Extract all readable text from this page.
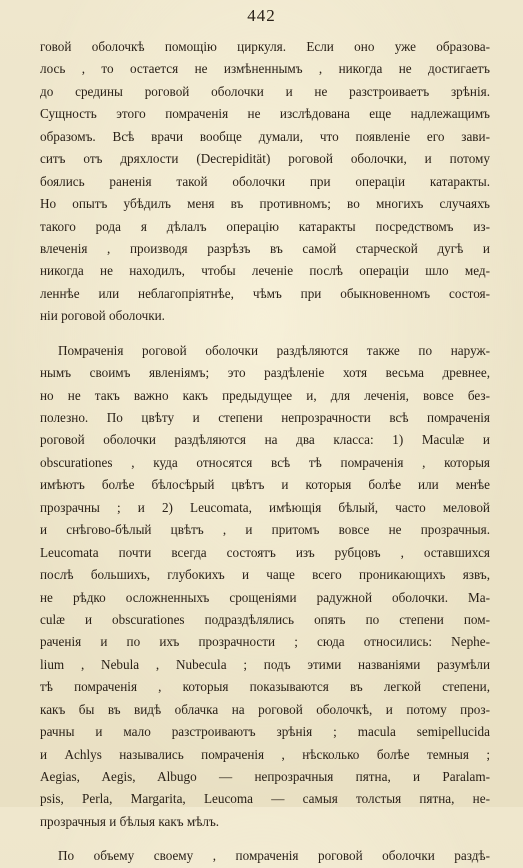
442
говой оболочкѣ помощію циркуля. Если оно уже образова-
лось , то остается не измѣненнымъ , никогда не достигаетъ
до средины роговой оболочки и не разстроиваетъ зрѣнія.
Сущность этого помраченія не изслѣдована еще надлежащимъ
образомъ. Всѣ врачи вообще думали, что появленіе его зави-
ситъ отъ дряхлости (Decrepidität) роговой оболочки, и потому
боялись раненія такой оболочки при операціи катаракты.
Но опытъ убѣдилъ меня въ противномъ; во многихъ случаяхъ
такого рода я дѣлалъ операцію катаракты посредствомъ из-
влеченія , производя разрѣзъ въ самой старческой дугѣ и
никогда не находилъ, чтобы леченіе послѣ операціи шло мед-
леннѣе или неблагопріятнѣе, чѣмъ при обыкновенномъ состоя-
ніи роговой оболочки.
Помраченія роговой оболочки раздѣляются также по наруж-
нымъ своимъ явленіямъ; это раздѣленіе хотя весьма древнее,
но не такъ важно какъ предыдущее и, для леченія, вовсе без-
полезно. По цвѣту и степени непрозрачности всѣ помраченія
роговой оболочки раздѣляются на два класса: 1) Maculæ и
obscurationes , куда относятся всѣ тѣ помраченія , которыя
имѣютъ болѣе бѣлосѣрый цвѣтъ и которыя болѣе или менѣе
прозрачны ; и 2) Leucomata, имѣющія бѣлый, часто меловой
и снѣгово-бѣлый цвѣтъ , и притомъ вовсе не прозрачныя.
Leucomata почти всегда состоятъ изъ рубцовъ , оставшихся
послѣ большихъ, глубокихъ и чаще всего проникающихъ язвъ,
не рѣдко осложненныхъ срощеніями радужной оболочки. Ma-
culæ и obscurationes подраздѣлялись опять по степени пом-
раченія и по ихъ прозрачности ; сюда относились: Nephe-
lium , Nebula , Nubecula ; подъ этими названіями разумѣли
тѣ помраченія , которыя показываются въ легкой степени,
какъ бы въ видѣ облачка на роговой оболочкѣ, и потому проз-
рачны и мало разстроиваютъ зрѣнія ; macula semipellucida
и Achlys назывались помраченія , нѣсколько болѣе темныя ;
Aegias, Aegis, Albugo — непрозрачныя пятна, и Paralam-
psis, Perla, Margarita, Leucoma — самыя толстыя пятна, не-
прозрачныя и бѣлыя какъ мѣлъ.
По объему своему , помраченія роговой оболочки раздѣ-
